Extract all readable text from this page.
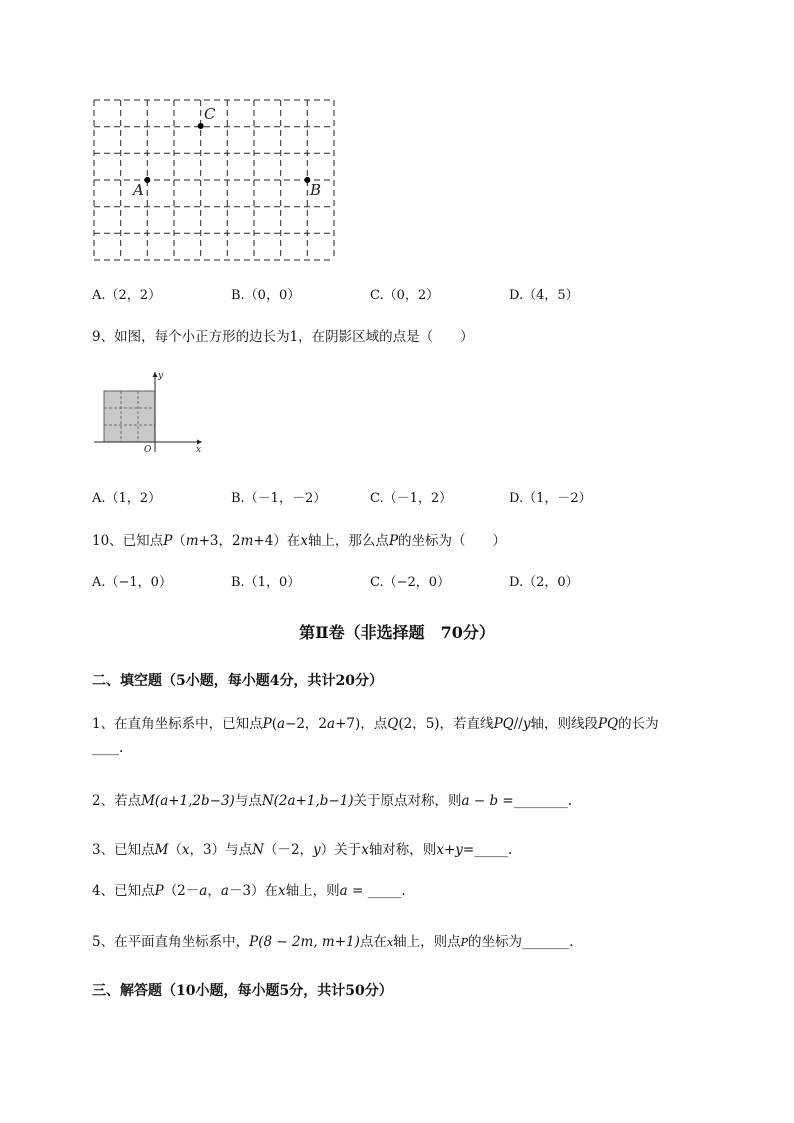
C
A	B
A.（2，2）	B.（0，0）	C.（0，2）	D.（4，5）
9、如图，每个小正方形的边长为1，在阴影区域的点是（　　）
x
y
O
A.（1，2）	B.（－1，－2）	C.（－1，2）	D.（1，－2）
10、已知点P（m+3，2m+4）在x轴上，那么点P的坐标为（　　）
A.（−1，0）	B.（1，0）	C.（−2，0）	D.（2，0）
第Ⅱ卷（非选择题　70分）
二、填空题（5小题，每小题4分，共计20分）
1、在直角坐标系中，已知点P(a−2，2a+7)，点Q(2，5)，若直线PQ//y轴，则线段PQ的长为
____.
2、若点M(a+1,2b−3)与点N(2a+1,b−1)关于原点对称，则a − b =________.
3、已知点M（x，3）与点N（－2，y）关于x轴对称，则x+y=_____.
4、已知点P（2－a，a－3）在x轴上，则a = _____.
5、在平面直角坐标系中，P(8 − 2m, m+1)点在x轴上，则点P的坐标为_______.
三、解答题（10小题，每小题5分，共计50分）
